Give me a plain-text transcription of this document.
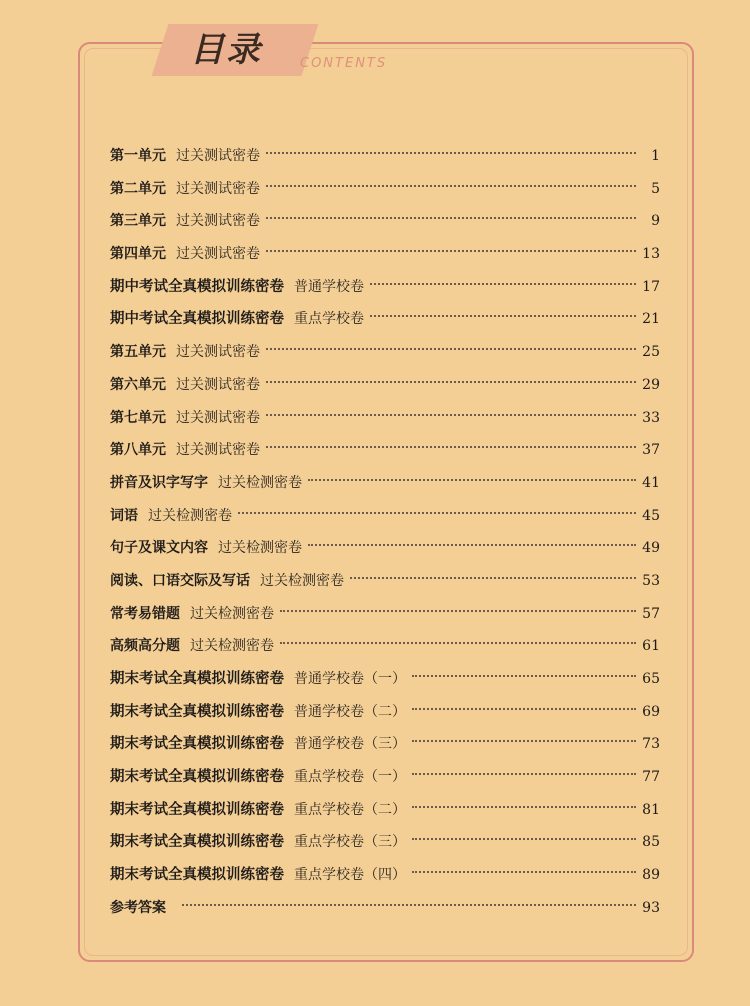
目录	CONTENTS
第一单元 过关测试密卷	1
第二单元 过关测试密卷	5
第三单元 过关测试密卷	9
第四单元 过关测试密卷	13
期中考试全真模拟训练密卷 普通学校卷	17
期中考试全真模拟训练密卷 重点学校卷	21
第五单元 过关测试密卷	25
第六单元 过关测试密卷	29
第七单元 过关测试密卷	33
第八单元 过关测试密卷	37
拼音及识字写字 过关检测密卷	41
词语 过关检测密卷	45
句子及课文内容 过关检测密卷	49
阅读、口语交际及写话 过关检测密卷	53
常考易错题 过关检测密卷	57
高频高分题 过关检测密卷	61
期末考试全真模拟训练密卷 普通学校卷（一）	65
期末考试全真模拟训练密卷 普通学校卷（二）	69
期末考试全真模拟训练密卷 普通学校卷（三）	73
期末考试全真模拟训练密卷 重点学校卷（一）	77
期末考试全真模拟训练密卷 重点学校卷（二）	81
期末考试全真模拟训练密卷 重点学校卷（三）	85
期末考试全真模拟训练密卷 重点学校卷（四）	89
参考答案	93
